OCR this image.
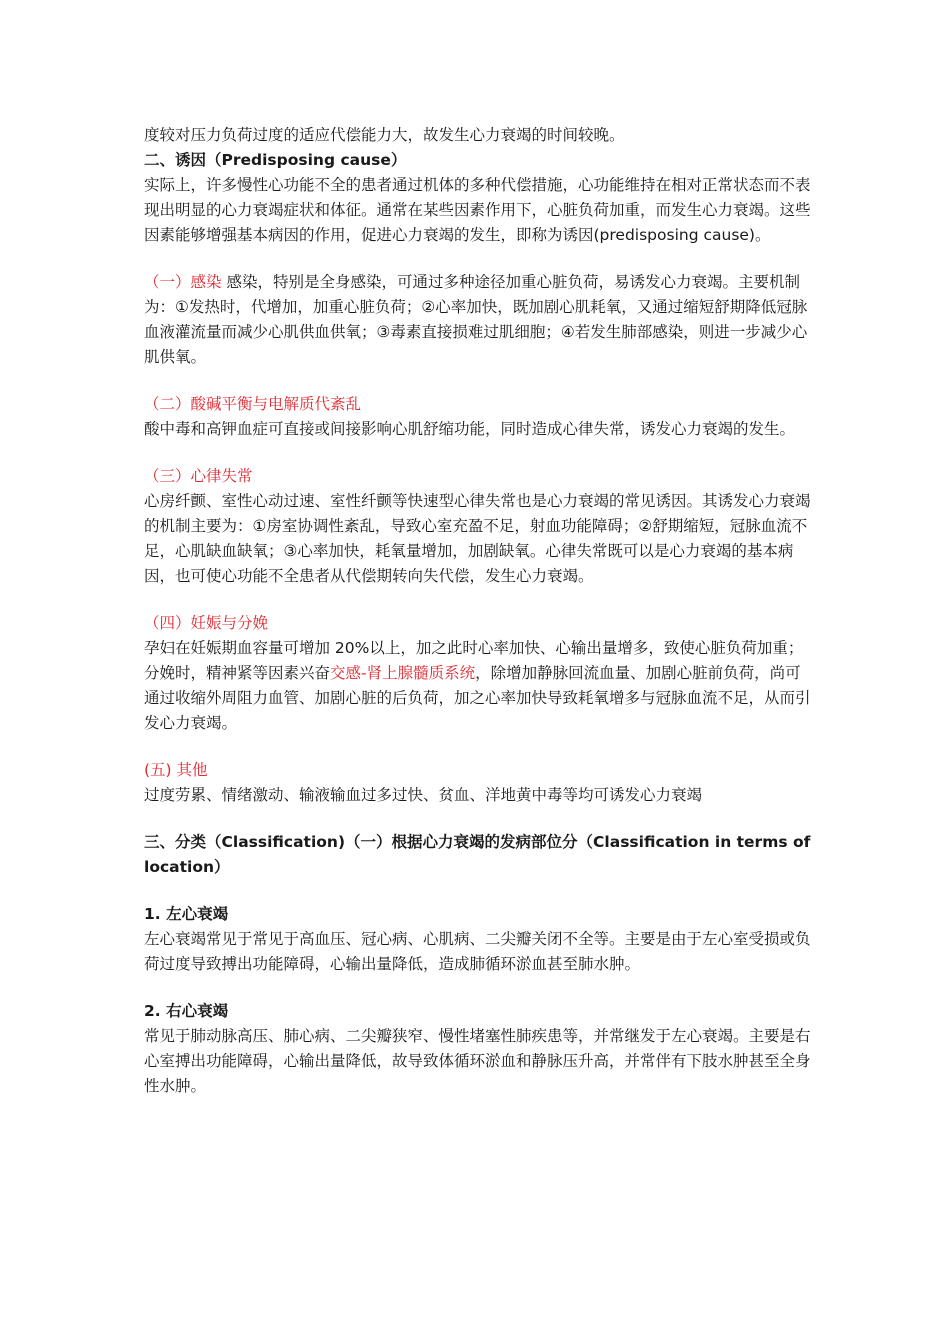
度较对压力负荷过度的适应代偿能力大，故发生心力衰竭的时间较晚。

二、诱因（Predisposing cause）

实际上，许多慢性心功能不全的患者通过机体的多种代偿措施，心功能维持在相对正常状态而不表现出明显的心力衰竭症状和体征。通常在某些因素作用下，心脏负荷加重，而发生心力衰竭。这些因素能够增强基本病因的作用，促进心力衰竭的发生，即称为诱因(predisposing cause)。

（一）感染 感染，特别是全身感染，可通过多种途径加重心脏负荷，易诱发心力衰竭。主要机制为：①发热时，代增加，加重心脏负荷；②心率加快，既加剧心肌耗氧，又通过缩短舒期降低冠脉血液灌流量而减少心肌供血供氧；③毒素直接损难过肌细胞；④若发生肺部感染，则进一步减少心肌供氧。

（二）酸碱平衡与电解质代紊乱

酸中毒和高钾血症可直接或间接影响心肌舒缩功能，同时造成心律失常，诱发心力衰竭的发生。

（三）心律失常

心房纤颤、室性心动过速、室性纤颤等快速型心律失常也是心力衰竭的常见诱因。其诱发心力衰竭的机制主要为：①房室协调性紊乱，导致心室充盈不足，射血功能障碍；②舒期缩短，冠脉血流不足，心肌缺血缺氧；③心率加快，耗氧量增加，加剧缺氧。心律失常既可以是心力衰竭的基本病因，也可使心功能不全患者从代偿期转向失代偿，发生心力衰竭。

（四）妊娠与分娩

孕妇在妊娠期血容量可增加 20%以上，加之此时心率加快、心输出量增多，致使心脏负荷加重；分娩时，精神紧等因素兴奋交感-肾上腺髓质系统，除增加静脉回流血量、加剧心脏前负荷，尚可通过收缩外周阻力血管、加剧心脏的后负荷，加之心率加快导致耗氧增多与冠脉血流不足，从而引发心力衰竭。

(五) 其他

过度劳累、情绪激动、输液输血过多过快、贫血、洋地黄中毒等均可诱发心力衰竭

三、分类（Classification)（一）根据心力衰竭的发病部位分（Classification in terms of location）

1. 左心衰竭

左心衰竭常见于常见于高血压、冠心病、心肌病、二尖瓣关闭不全等。主要是由于左心室受损或负荷过度导致搏出功能障碍，心输出量降低，造成肺循环淤血甚至肺水肿。

2. 右心衰竭

常见于肺动脉高压、肺心病、二尖瓣狭窄、慢性堵塞性肺疾患等，并常继发于左心衰竭。主要是右心室搏出功能障碍，心输出量降低，故导致体循环淤血和静脉压升高，并常伴有下肢水肿甚至全身性水肿。
